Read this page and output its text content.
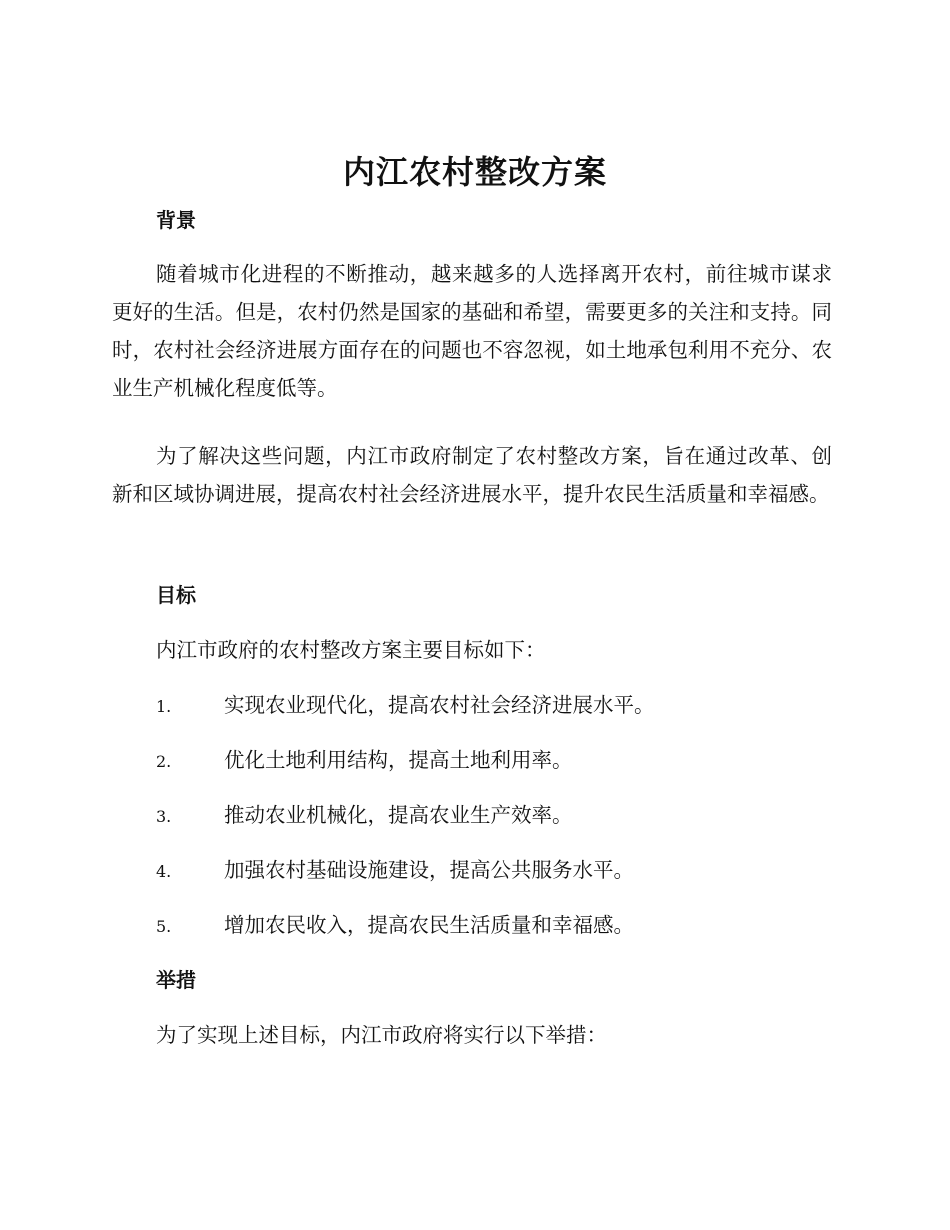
内江农村整改方案
背景

随着城市化进程的不断推动，越来越多的人选择离开农村，前往城市谋求更好的生活。但是，农村仍然是国家的基础和希望，需要更多的关注和支持。同时，农村社会经济进展方面存在的问题也不容忽视，如土地承包利用不充分、农业生产机械化程度低等。

为了解决这些问题，内江市政府制定了农村整改方案，旨在通过改革、创新和区域协调进展，提高农村社会经济进展水平，提升农民生活质量和幸福感。

目标
内江市政府的农村整改方案主要目标如下：
1.	实现农业现代化，提高农村社会经济进展水平。
2.	优化土地利用结构，提高土地利用率。
3.	推动农业机械化，提高农业生产效率。
4.	加强农村基础设施建设，提高公共服务水平。
5.	增加农民收入，提高农民生活质量和幸福感。
举措
为了实现上述目标，内江市政府将实行以下举措：
